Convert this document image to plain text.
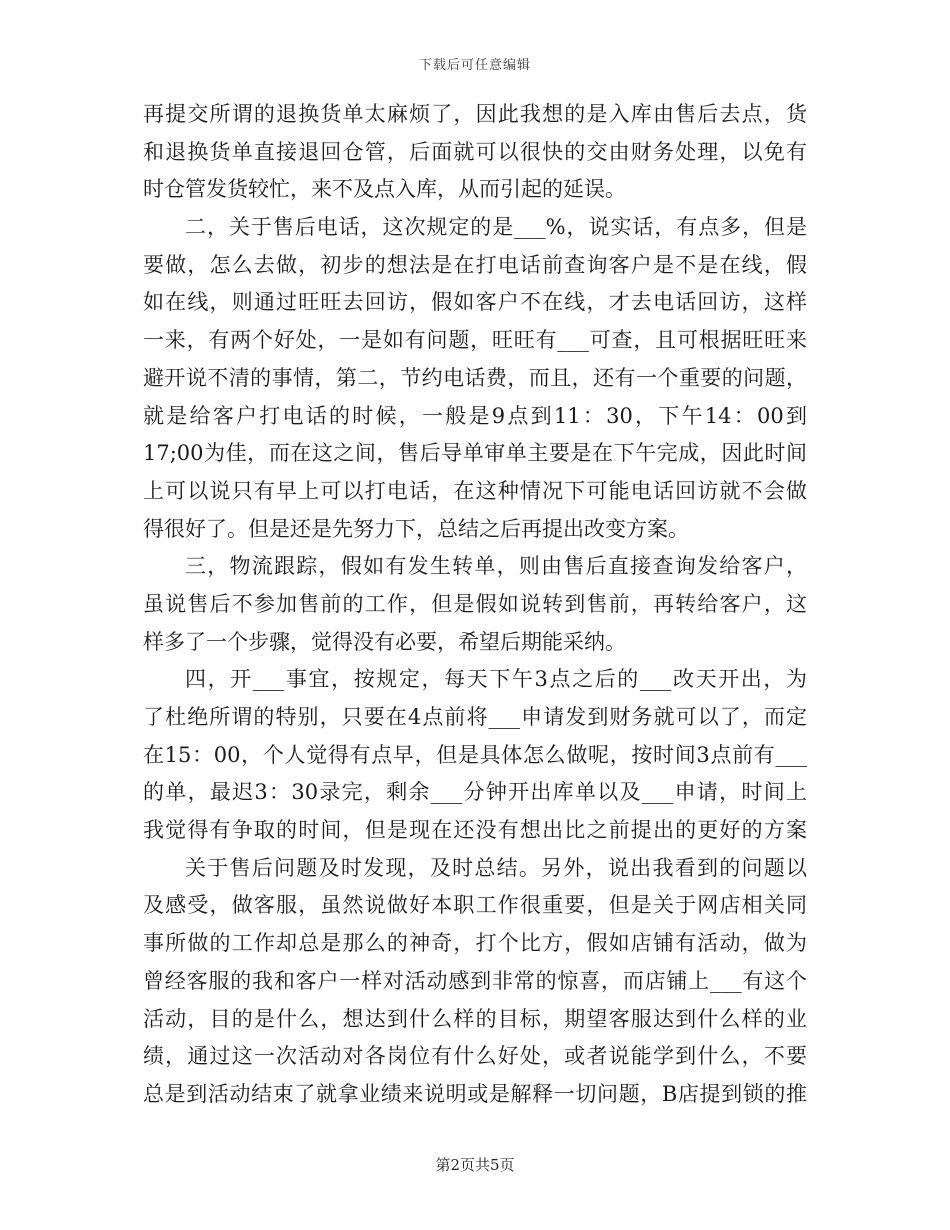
下载后可任意编辑
再提交所谓的退换货单太麻烦了，因此我想的是入库由售后去点，货
和退换货单直接退回仓管，后面就可以很快的交由财务处理，以免有
时仓管发货较忙，来不及点入库，从而引起的延误。
二，关于售后电话，这次规定的是___%，说实话，有点多，但是
要做，怎么去做，初步的想法是在打电话前查询客户是不是在线，假
如在线，则通过旺旺去回访，假如客户不在线，才去电话回访，这样
一来，有两个好处，一是如有问题，旺旺有___可查，且可根据旺旺来
避开说不清的事情，第二，节约电话费，而且，还有一个重要的问题，
就是给客户打电话的时候，一般是9点到11：30，下午14：00到
17;00为佳，而在这之间，售后导单审单主要是在下午完成，因此时间
上可以说只有早上可以打电话，在这种情况下可能电话回访就不会做
得很好了。但是还是先努力下，总结之后再提出改变方案。
三，物流跟踪，假如有发生转单，则由售后直接查询发给客户，
虽说售后不参加售前的工作，但是假如说转到售前，再转给客户，这
样多了一个步骤，觉得没有必要，希望后期能采纳。
四，开___事宜，按规定，每天下午3点之后的___改天开出，为
了杜绝所谓的特别，只要在4点前将___申请发到财务就可以了，而定
在15：00，个人觉得有点早，但是具体怎么做呢，按时间3点前有___
的单，最迟3：30录完，剩余___分钟开出库单以及___申请，时间上
我觉得有争取的时间，但是现在还没有想出比之前提出的更好的方案
关于售后问题及时发现，及时总结。另外，说出我看到的问题以
及感受，做客服，虽然说做好本职工作很重要，但是关于网店相关同
事所做的工作却总是那么的神奇，打个比方，假如店铺有活动，做为
曾经客服的我和客户一样对活动感到非常的惊喜，而店铺上___有这个
活动，目的是什么，想达到什么样的目标，期望客服达到什么样的业
绩，通过这一次活动对各岗位有什么好处，或者说能学到什么，不要
总是到活动结束了就拿业绩来说明或是解释一切问题，B店提到锁的推
第2页共5页
